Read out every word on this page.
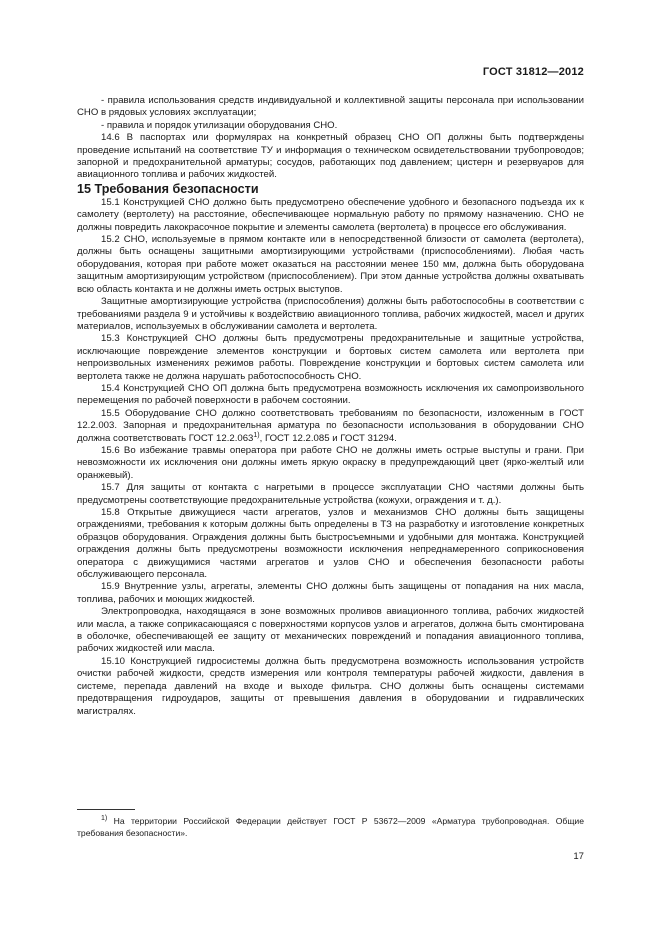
ГОСТ 31812—2012

- правила использования средств индивидуальной и коллективной защиты персонала при использовании СНО в рядовых условиях эксплуатации;

- правила и порядок утилизации оборудования СНО.

14.6 В паспортах или формулярах на конкретный образец СНО ОП должны быть подтверждены проведение испытаний на соответствие ТУ и информация о техническом освидетельствовании трубопроводов; запорной и предохранительной арматуры; сосудов, работающих под давлением; цистерн и резервуаров для авиационного топлива и рабочих жидкостей.

15 Требования безопасности

15.1 Конструкцией СНО должно быть предусмотрено обеспечение удобного и безопасного подъезда их к самолету (вертолету) на расстояние, обеспечивающее нормальную работу по прямому назначению. СНО не должны повредить лакокрасочное покрытие и элементы самолета (вертолета) в процессе его обслуживания.

15.2 СНО, используемые в прямом контакте или в непосредственной близости от самолета (вертолета), должны быть оснащены защитными амортизирующими устройствами (приспособлениями). Любая часть оборудования, которая при работе может оказаться на расстоянии менее 150 мм, должна быть оборудована защитным амортизирующим устройством (приспособлением). При этом данные устройства должны охватывать всю область контакта и не должны иметь острых выступов.

Защитные амортизирующие устройства (приспособления) должны быть работоспособны в соответствии с требованиями раздела 9 и устойчивы к воздействию авиационного топлива, рабочих жидкостей, масел и других материалов, используемых в обслуживании самолета и вертолета.

15.3 Конструкцией СНО должны быть предусмотрены предохранительные и защитные устройства, исключающие повреждение элементов конструкции и бортовых систем самолета или вертолета при непроизвольных изменениях режимов работы. Повреждение конструкции и бортовых систем самолета или вертолета также не должна нарушать работоспособность СНО.

15.4 Конструкцией СНО ОП должна быть предусмотрена возможность исключения их самопроизвольного перемещения по рабочей поверхности в рабочем состоянии.

15.5 Оборудование СНО должно соответствовать требованиям по безопасности, изложенным в ГОСТ 12.2.003. Запорная и предохранительная арматура по безопасности использования в оборудовании СНО должна соответствовать ГОСТ 12.2.063$^{1)}$, ГОСТ 12.2.085 и ГОСТ 31294.

15.6 Во избежание травмы оператора при работе СНО не должны иметь острые выступы и грани. При невозможности их исключения они должны иметь яркую окраску в предупреждающий цвет (ярко-желтый или оранжевый).

15.7 Для защиты от контакта с нагретыми в процессе эксплуатации СНО частями должны быть предусмотрены соответствующие предохранительные устройства (кожухи, ограждения и т. д.).

15.8 Открытые движущиеся части агрегатов, узлов и механизмов СНО должны быть защищены ограждениями, требования к которым должны быть определены в ТЗ на разработку и изготовление конкретных образцов оборудования. Ограждения должны быть быстросъемными и удобными для монтажа. Конструкцией ограждения должны быть предусмотрены возможности исключения непреднамеренного соприкосновения оператора с движущимися частями агрегатов и узлов СНО и обеспечения безопасности работы обслуживающего персонала.

15.9 Внутренние узлы, агрегаты, элементы СНО должны быть защищены от попадания на них масла, топлива, рабочих и моющих жидкостей.

Электропроводка, находящаяся в зоне возможных проливов авиационного топлива, рабочих жидкостей или масла, а также соприкасающаяся с поверхностями корпусов узлов и агрегатов, должна быть смонтирована в оболочке, обеспечивающей ее защиту от механических повреждений и попадания авиационного топлива, рабочих жидкостей или масла.

15.10 Конструкцией гидросистемы должна быть предусмотрена возможность использования устройств очистки рабочей жидкости, средств измерения или контроля температуры рабочей жидкости, давления в системе, перепада давлений на входе и выходе фильтра. СНО должны быть оснащены системами предотвращения гидроударов, защиты от превышения давления в оборудовании и гидравлических магистралях.

$^{1)}$ На территории Российской Федерации действует ГОСТ Р 53672—2009 «Арматура трубопроводная. Общие требования безопасности».
17
